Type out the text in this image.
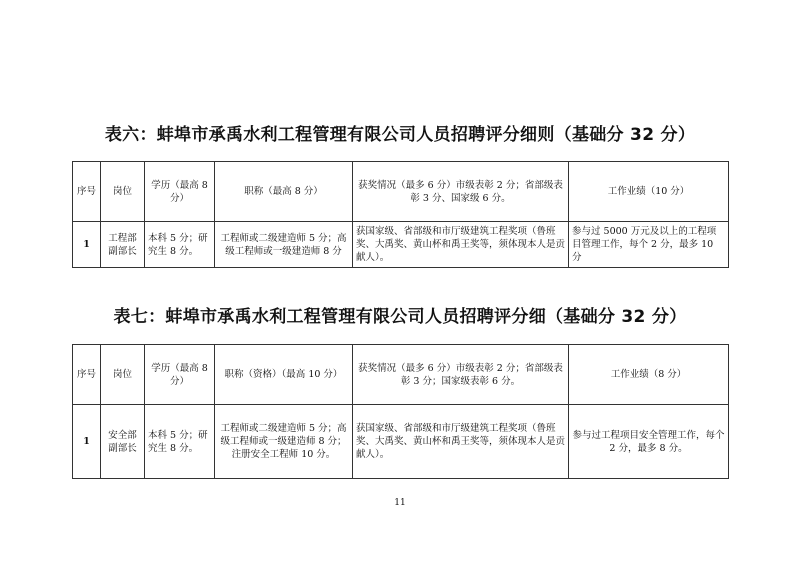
表六：蚌埠市承禹水利工程管理有限公司人员招聘评分细则（基础分 32 分）
序号	岗位	学历（最高 8 分）	职称（最高 8 分）	获奖情况（最多 6 分）市级表彰 2 分；省部级表彰 3 分、国家级 6 分。	工作业绩（10 分）
1	工程部副部长	本科 5 分；研究生 8 分。	工程师或二级建造师 5 分；高级工程师或一级建造师 8 分	获国家级、省部级和市厅级建筑工程奖项（鲁班奖、大禹奖、黄山杯和禹王奖等，须体现本人是贡献人）。	参与过 5000 万元及以上的工程项目管理工作，每个 2 分，最多 10 分
表七：蚌埠市承禹水利工程管理有限公司人员招聘评分细（基础分 32 分）
序号	岗位	学历（最高 8 分）	职称（资格）（最高 10 分）	获奖情况（最多 6 分）市级表彰 2 分；省部级表彰 3 分；国家级表彰 6 分。	工作业绩（8 分）
1	安全部副部长	本科 5 分；研究生 8 分。	工程师或二级建造师 5 分；高级工程师或一级建造师 8 分；注册安全工程师 10 分。	获国家级、省部级和市厅级建筑工程奖项（鲁班奖、大禹奖、黄山杯和禹王奖等，须体现本人是贡献人）。	参与过工程项目安全管理工作，每个 2 分，最多 8 分。
11
